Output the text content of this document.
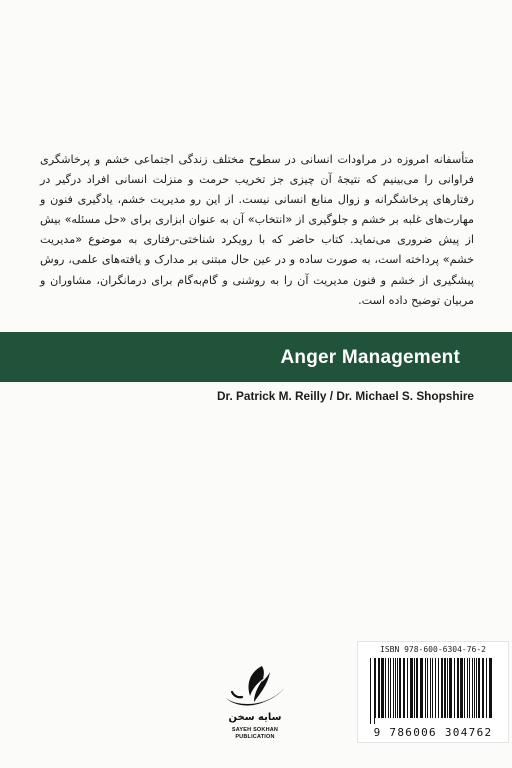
متأسفانه امروزه در مراودات انسانی در سطوح مختلف زندگی اجتماعی خشم و پرخاشگری فراوانی را می‌بینیم که نتیجهٔ آن چیزی جز تخریب حرمت و منزلت انسانی افراد درگیر در رفتارهای پرخاشگرانه و زوال منابع انسانی نیست. از این رو مدیریت خشم، یادگیری فنون و مهارت‌های غلبه بر خشم و جلوگیری از «انتخاب» آن به عنوان ابزاری برای «حل مسئله» بیش از پیش ضروری می‌نماید. کتاب حاضر که با رویکرد شناختی-رفتاری به موضوع «مدیریت خشم» پرداخته است، به صورت ساده و در عین حال مبتنی بر مدارک و یافته‌های علمی، روش پیشگیری از خشم و فنون مدیریت آن را به روشنی و گام‌به‌گام برای درمانگران، مشاوران و مربیان توضیح داده است.
Anger Management
Dr. Patrick M. Reilly / Dr. Michael S. Shopshire
سایه سخن
SAYEH SOKHAN
PUBLICATION
ISBN 978-600-6304-76-2
9 786006 304762
